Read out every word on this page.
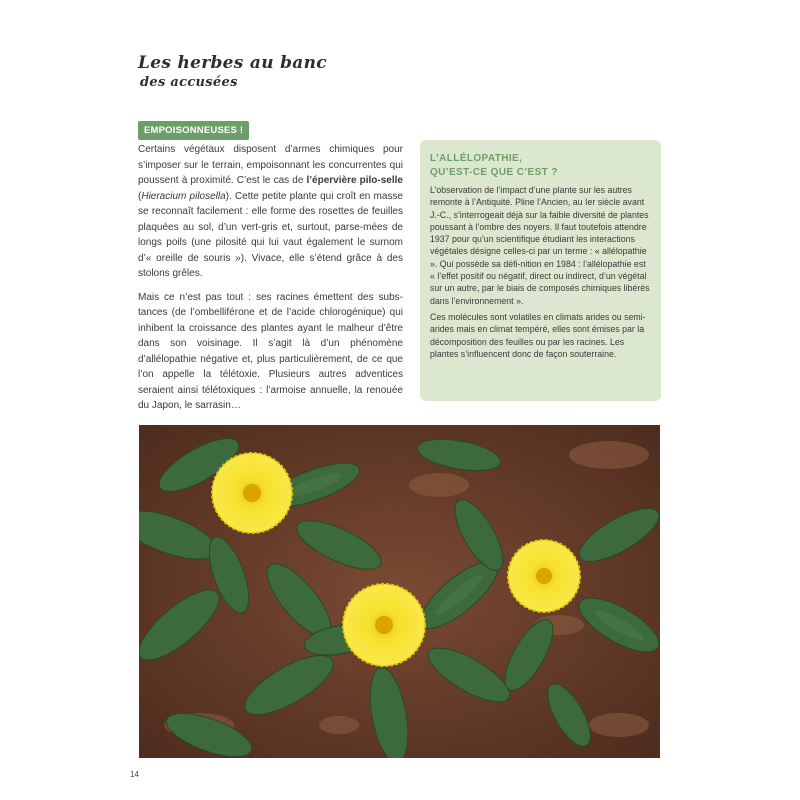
Les herbes au banc
des accusées
EMPOISONNEUSES !

Certains végétaux disposent d’armes chimiques pour s’imposer sur le terrain, empoisonnant les concurrentes qui poussent à proximité. C’est le cas de l’épervière pilo-selle (Hieracium pilosella). Cette petite plante qui croît en masse se reconnaît facilement : elle forme des rosettes de feuilles plaquées au sol, d’un vert-gris et, surtout, parse-mées de longs poils (une pilosité qui lui vaut également le surnom d’« oreille de souris »). Vivace, elle s’étend grâce à des stolons grêles.

Mais ce n’est pas tout : ses racines émettent des subs-tances (de l’ombelliférone et de l’acide chlorogénique) qui inhibent la croissance des plantes ayant le malheur d’être dans son voisinage. Il s’agit là d’un phénomène d’allélopathie négative et, plus particulièrement, de ce que l’on appelle la télétoxie. Plusieurs autres adventices seraient ainsi télétoxiques : l’armoise annuelle, la renouée du Japon, le sarrasin…

L’ALLÉLOPATHIE,
QU’EST-CE QUE C’EST ?

L’observation de l’impact d’une plante sur les autres remonte à l’Antiquité. Pline l’Ancien, au Ier siècle avant J.-C., s’interrogeait déjà sur la faible diversité de plantes poussant à l’ombre des noyers. Il faut toutefois attendre 1937 pour qu’un scientifique étudiant les interactions végétales désigne celles-ci par un terme : « allélopathie ». Qui possède sa défi-nition en 1984 : l’allélopathie est « l’effet positif ou négatif, direct ou indirect, d’un végétal sur un autre, par le biais de composés chimiques libérés dans l’environnement ».

Ces molécules sont volatiles en climats arides ou semi-arides mais en climat tempéré, elles sont émises par la décomposition des feuilles ou par les racines. Les plantes s’influencent donc de façon souterraine.

14
